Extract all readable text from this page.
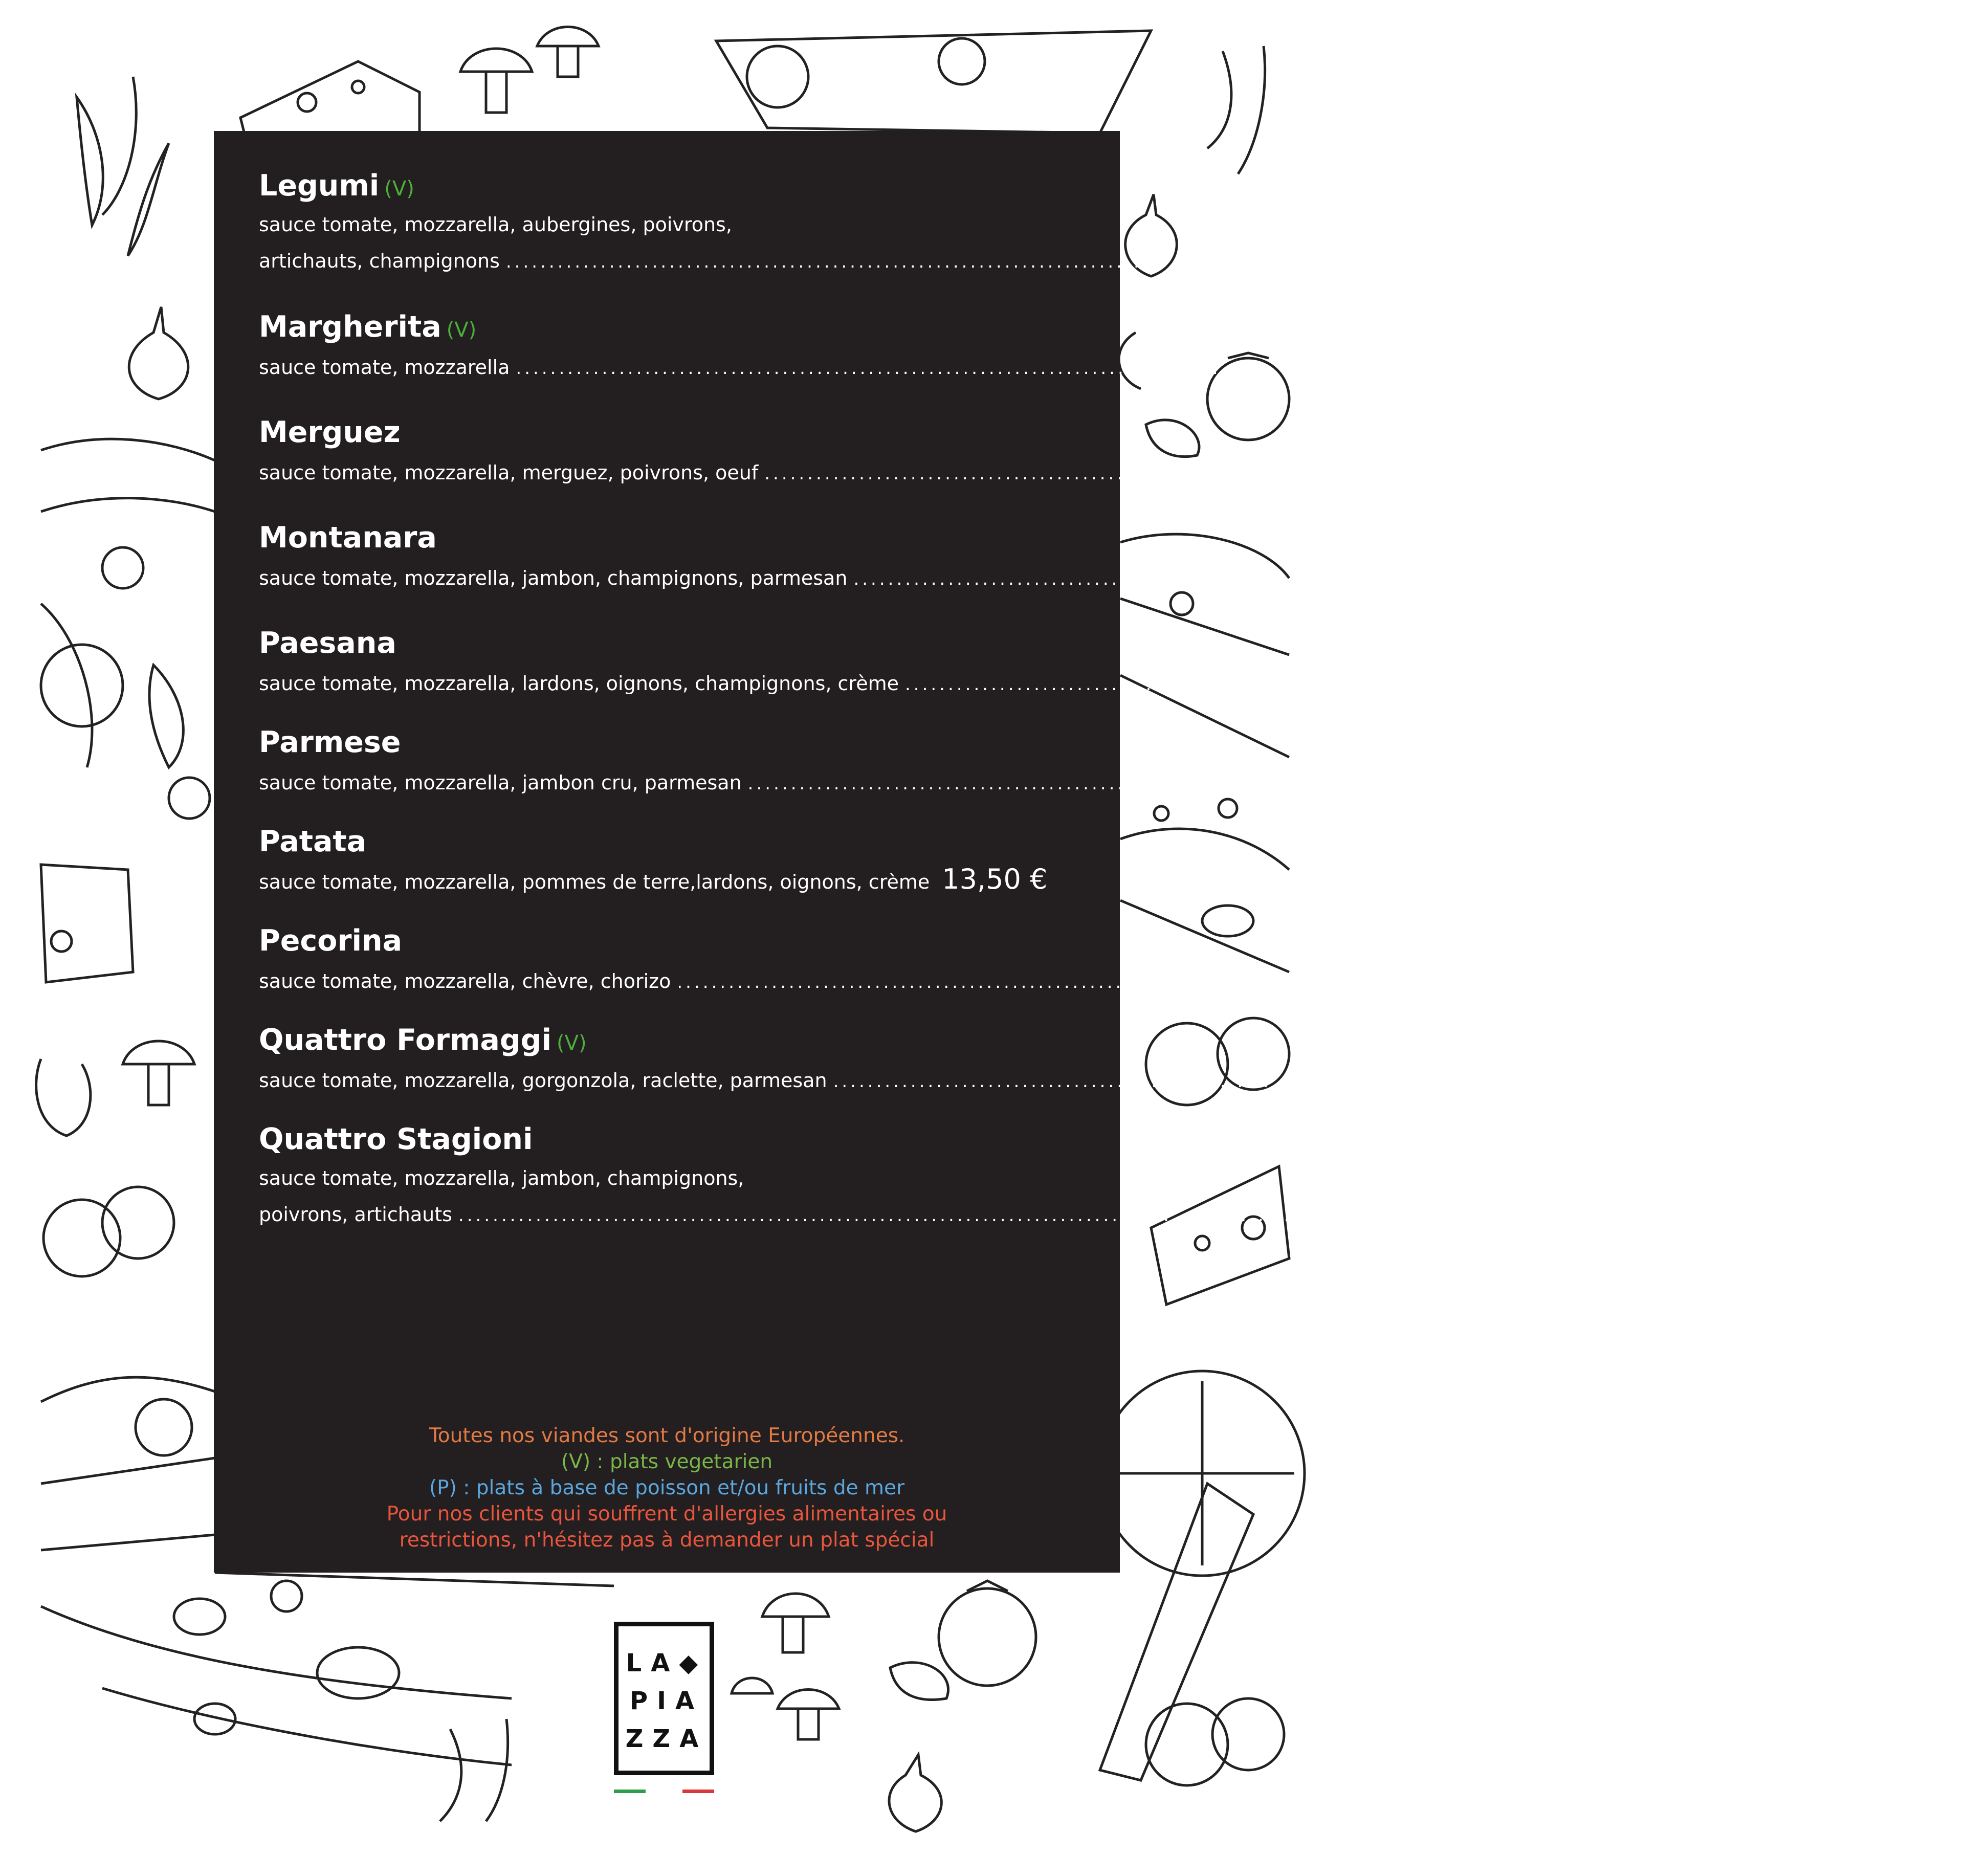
Legumi (V)
sauce tomate, mozzarella, aubergines, poivrons,
artichauts, champignons ................................................................................................................. 14,00 €
Margherita (V)
sauce tomate, mozzarella ................................................................................................................. 10,00 €
Merguez
sauce tomate, mozzarella, merguez, poivrons, oeuf ................................................................................................................. 14,00 €
Montanara
sauce tomate, mozzarella, jambon, champignons, parmesan ................................................................................................................. 13,50 €
Paesana
sauce tomate, mozzarella, lardons, oignons, champignons, crème ................................................................................................................. 13,50 €
Parmese
sauce tomate, mozzarella, jambon cru, parmesan ................................................................................................................. 14,00 €
Patata
sauce tomate, mozzarella, pommes de terre,lardons, oignons, crème 13,50 €
Pecorina
sauce tomate, mozzarella, chèvre, chorizo ................................................................................................................. 13,50 €
Quattro Formaggi (V)
sauce tomate, mozzarella, gorgonzola, raclette, parmesan ................................................................................................................. 14,00 €
Quattro Stagioni
sauce tomate, mozzarella, jambon, champignons,
poivrons, artichauts ................................................................................................................. 14,00 €
Toutes nos viandes sont d'origine Européennes.
(V) : plats vegetarien
(P) : plats à base de poisson et/ou fruits de mer
Pour nos clients qui souffrent d'allergies alimentaires ou
restrictions, n'hésitez pas à demander un plat spécial
LA◆
PIA
ZZA
